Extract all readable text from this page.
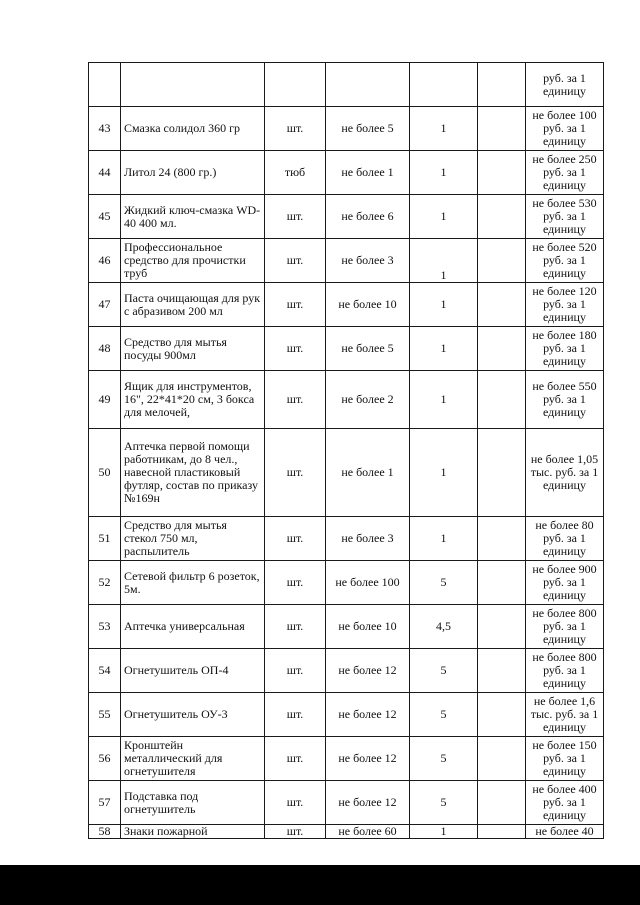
						руб. за 1 единицу
43	Смазка солидол 360 гр	шт.	не более 5	1		не более 100 руб. за 1 единицу
44	Литол 24 (800 гр.)	тюб	не более 1	1		не более 250 руб. за 1 единицу
45	Жидкий ключ-смазка WD-40 400 мл.	шт.	не более 6	1		не более 530 руб. за 1 единицу
46	Профессиональное средство для прочистки труб	шт.	не более 3	1		не более 520 руб. за 1 единицу
47	Паста очищающая для рук с абразивом 200 мл	шт.	не более 10	1		не более 120 руб. за 1 единицу
48	Средство для мытья посуды 900мл	шт.	не более 5	1		не более 180 руб. за 1 единицу
49	Ящик для инструментов, 16", 22*41*20 см, 3 бокса для мелочей,	шт.	не более 2	1		не более 550 руб. за 1 единицу
50	Аптечка первой помощи работникам, до 8 чел., навесной пластиковый футляр, состав по приказу №169н	шт.	не более 1	1		не более 1,05 тыс. руб. за 1 единицу
51	Средство для мытья стекол 750 мл, распылитель	шт.	не более 3	1		не более 80 руб. за 1 единицу
52	Сетевой фильтр 6 розеток, 5м.	шт.	не более 100	5		не более 900 руб. за 1 единицу
53	Аптечка универсальная	шт.	не более 10	4,5		не более 800 руб. за 1 единицу
54	Огнетушитель ОП-4	шт.	не более 12	5		не более 800 руб. за 1 единицу
55	Огнетушитель ОУ-3	шт.	не более 12	5		не более 1,6 тыс. руб. за 1 единицу
56	Кронштейн металлический для огнетушителя	шт.	не более 12	5		не более 150 руб. за 1 единицу
57	Подставка под огнетушитель	шт.	не более 12	5		не более 400 руб. за 1 единицу
58	Знаки пожарной	шт.	не более 60	1		не более 40
